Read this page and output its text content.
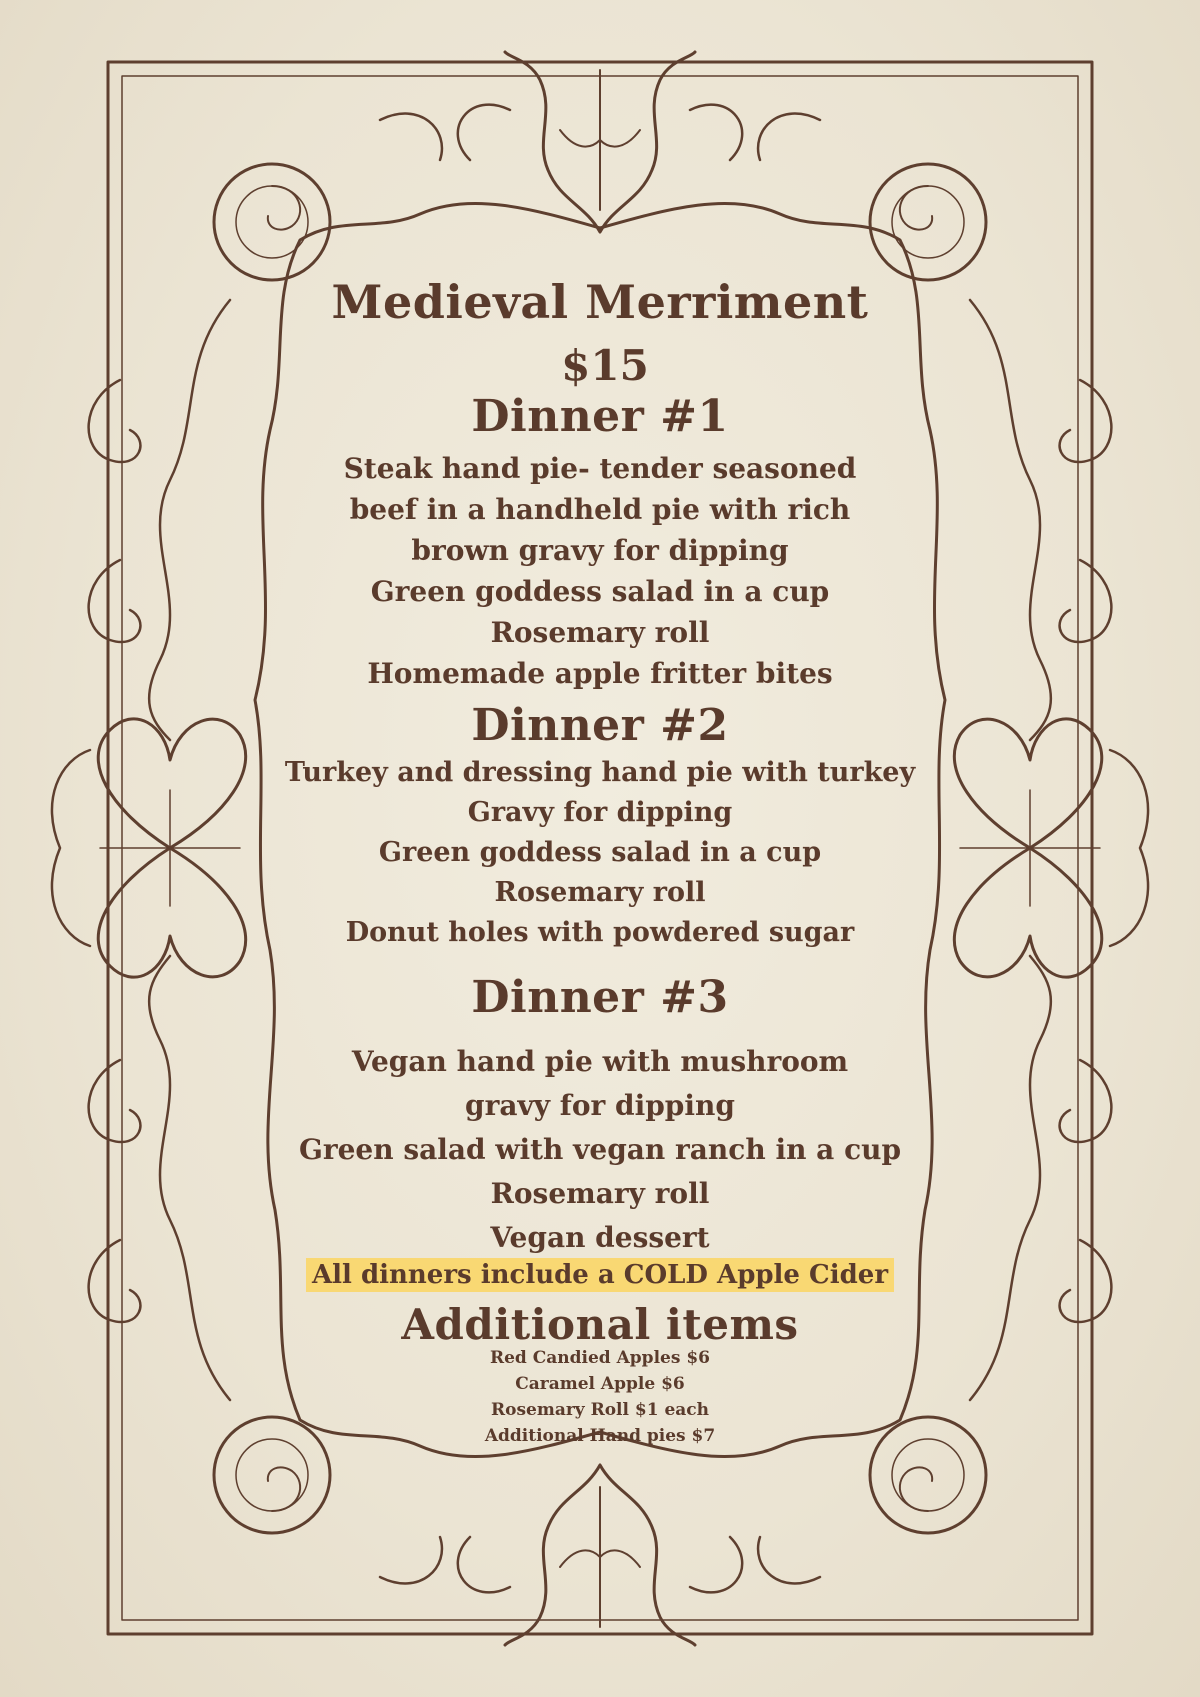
Medieval Merriment
$15
Dinner #1
Steak hand pie- tender seasoned
beef in a handheld pie with rich
brown gravy for dipping
Green goddess salad in a cup
Rosemary roll
Homemade apple fritter bites
Dinner #2
Turkey and dressing hand pie with turkey
Gravy for dipping
Green goddess salad in a cup
Rosemary roll
Donut holes with powdered sugar
Dinner #3
Vegan hand pie with mushroom
gravy for dipping
Green salad with vegan ranch in a cup
Rosemary roll
Vegan dessert
All dinners include a COLD Apple Cider
Additional items
Red Candied Apples $6
Caramel Apple $6
Rosemary Roll $1 each
Additional Hand pies $7
